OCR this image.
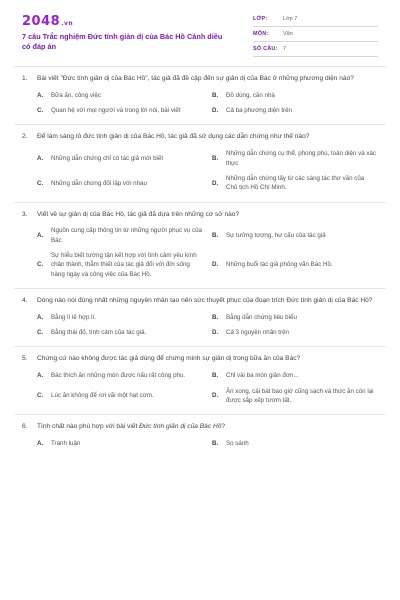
2048.vn
7 câu Trắc nghiệm Đức tính giản dị của Bác Hồ Cánh diều có đáp án
LỚP:	Lớp 7
MÔN:	Văn
SỐ CÂU: 7
1.	Bài viết "Đức tính giản dị của Bác Hồ", tác giả đã đề cập đến sự giản dị của Bác ở những phương diện nào?
A.	Bữa ăn, công việc	B.	Đồ dùng, căn nhà
C.	Quan hệ với mọi người và trong lời nói, bài viết	D.	Cả ba phương diện trên
2.	Để làm sáng tỏ đức tính giản dị của Bác Hồ, tác giả đã sử dụng các dẫn chứng như thế nào?
A.	Những dẫn chứng chỉ có tác giả mới biết	B.
Những dẫn chứng cụ thể, phong phú, toàn diện và xác thực
C.	Những dẫn chứng đối lập với nhau	D.
Những dẫn chứng lấy từ các sáng tác thơ văn của Chủ tịch Hồ Chí Minh.
3.	Viết về sự giản dị của Bác Hồ, tác giả đã dựa trên những cơ sở nào?
A.
Nguồn cung cấp thông tin từ những người phục vụ của Bác
B.	Sự tưởng tượng, hư cấu của tác giả
C.
Sự hiểu biết tường tận kết hợp với tình cảm yêu kính chân thành, thắm thiết của tác giả đối với đời sống hàng ngày và công việc của Bác Hồ.
D.	Những buổi tác giả phỏng vấn Bác Hồ.
4.	Dòng nào nói đúng nhất những nguyên nhân tạo nên sức thuyết phục của đoạn trích Đức tính giản dị của Bác Hồ?
A.	Bằng lí lẽ hợp lí.	B.	Bằng dẫn chứng tiêu biểu
C.	Bằng thái độ, tình cảm của tác giả.	D.	Cả 3 nguyên nhân trên
5.	Chứng cứ nào không được tác giả dùng để chứng minh sự giản dị trong bữa ăn của Bác?
A.	Bác thích ăn những món được nấu rất công phu.	B.	Chỉ vài ba món giản đơn...
C.	Lúc ăn không để rơi vãi một hạt cơm.	D.
Ăn xong, cái bát bao giờ cũng sạch và thức ăn còn lại được sắp xếp tươm tất.
6.	Tính chất nào phù hợp với bài viết Đức tính giản dị của Bác Hồ?
A.	Tranh luận	B.	So sánh
